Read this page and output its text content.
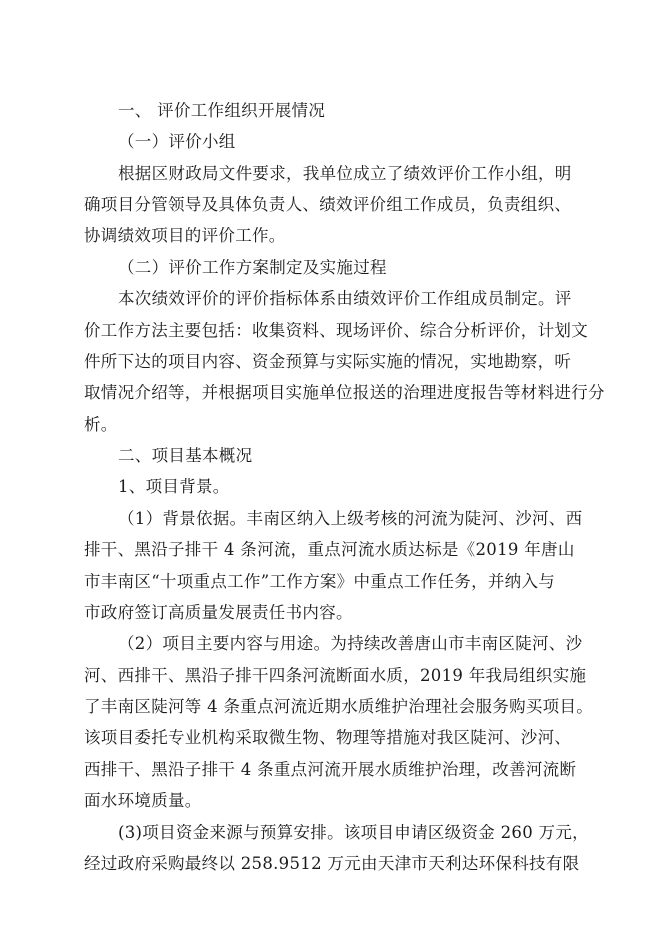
一、 评价工作组织开展情况
（一）评价小组
根据区财政局文件要求，我单位成立了绩效评价工作小组，明
确项目分管领导及具体负责人、绩效评价组工作成员，负责组织、
协调绩效项目的评价工作。
（二）评价工作方案制定及实施过程
本次绩效评价的评价指标体系由绩效评价工作组成员制定。评
价工作方法主要包括：收集资料、现场评价、综合分析评价，计划文
件所下达的项目内容、资金预算与实际实施的情况，实地勘察，听
取情况介绍等，并根据项目实施单位报送的治理进度报告等材料进行分
析。
二、项目基本概况
1、项目背景。
（1）背景依据。丰南区纳入上级考核的河流为陡河、沙河、西
排干、黑沿子排干 4 条河流，重点河流水质达标是《2019 年唐山
市丰南区“十项重点工作”工作方案》中重点工作任务，并纳入与
市政府签订高质量发展责任书内容。
（2）项目主要内容与用途。为持续改善唐山市丰南区陡河、沙
河、西排干、黑沿子排干四条河流断面水质，2019 年我局组织实施
了丰南区陡河等 4 条重点河流近期水质维护治理社会服务购买项目。
该项目委托专业机构采取微生物、物理等措施对我区陡河、沙河、
西排干、黑沿子排干 4 条重点河流开展水质维护治理，改善河流断
面水环境质量。
(3)项目资金来源与预算安排。该项目申请区级资金 260 万元，
经过政府采购最终以 258.9512 万元由天津市天利达环保科技有限
